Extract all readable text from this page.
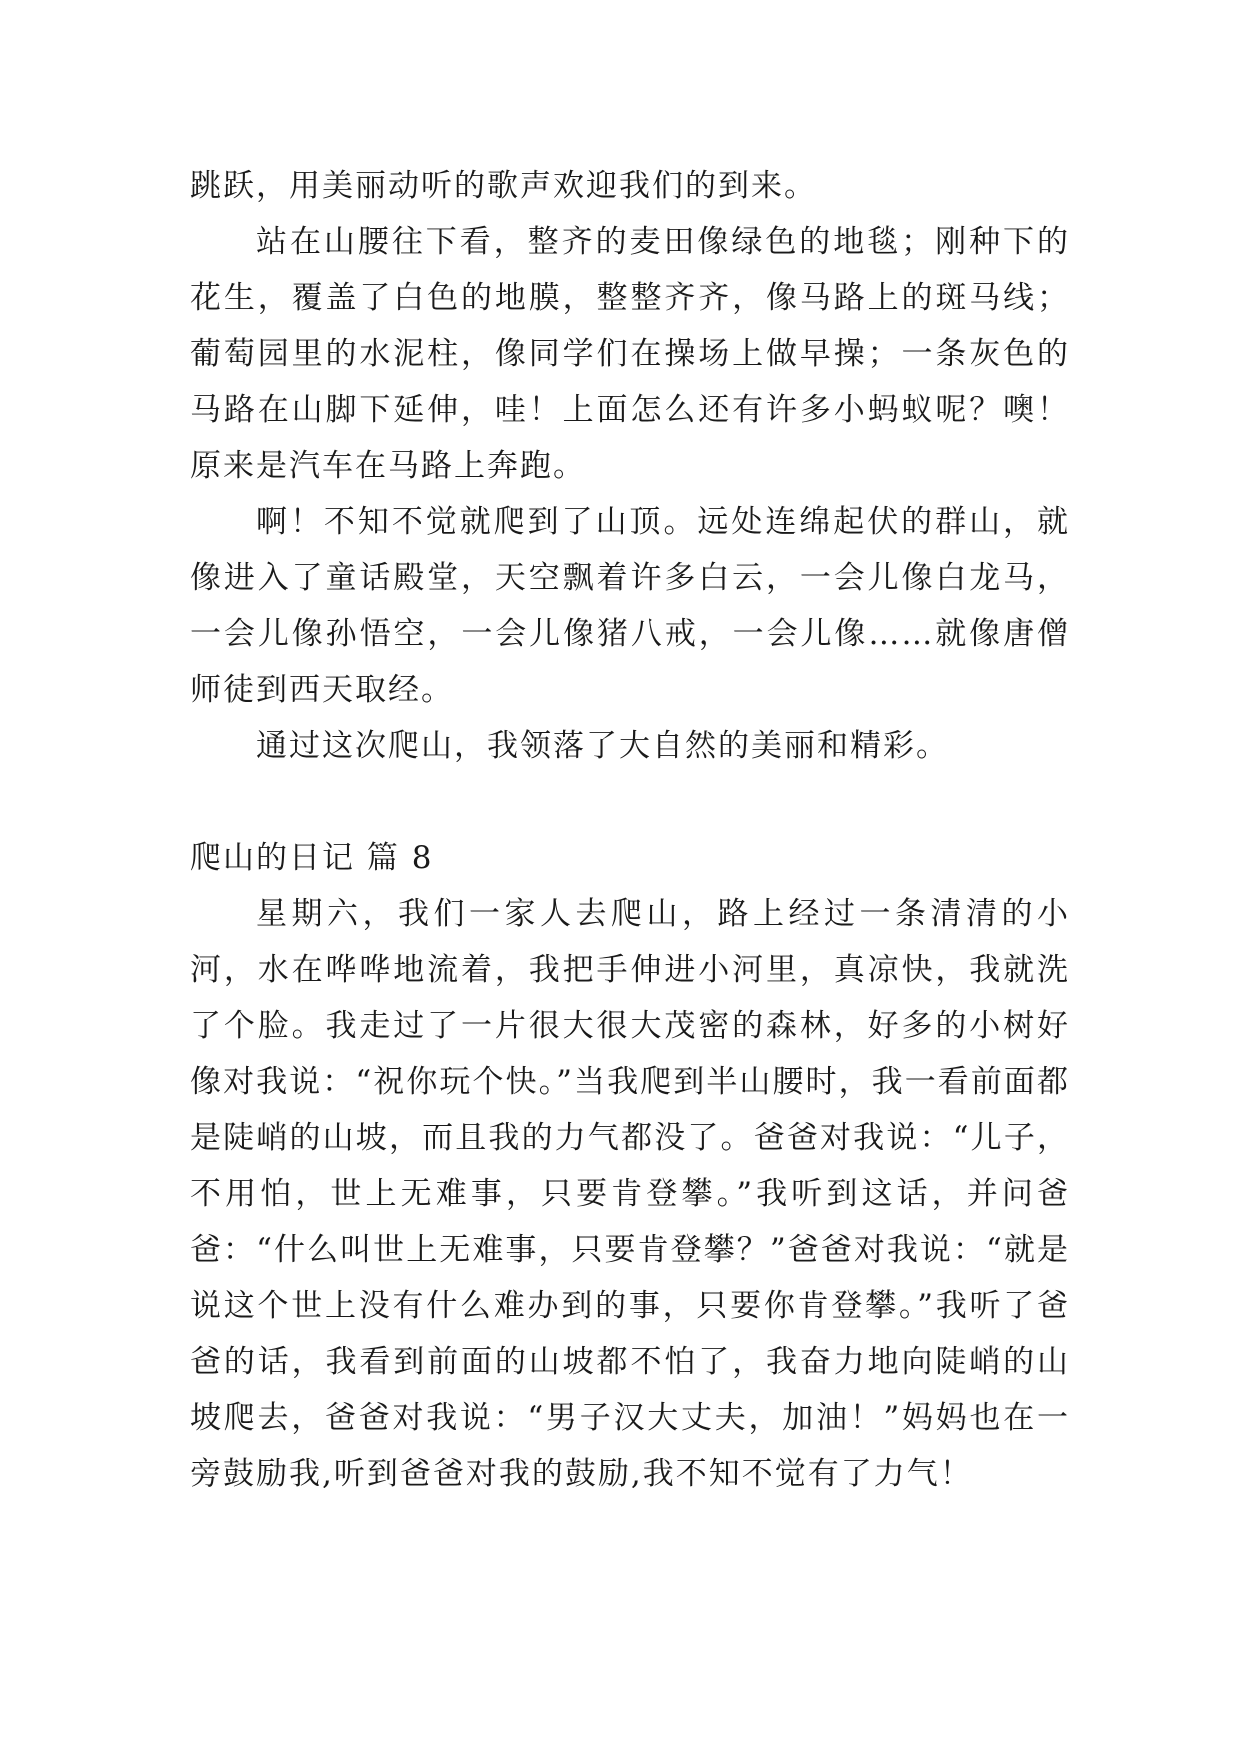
跳跃，用美丽动听的歌声欢迎我们的到来。

站在山腰往下看，整齐的麦田像绿色的地毯；刚种下的花生，覆盖了白色的地膜，整整齐齐，像马路上的斑马线；葡萄园里的水泥柱，像同学们在操场上做早操；一条灰色的马路在山脚下延伸，哇！上面怎么还有许多小蚂蚁呢？噢！原来是汽车在马路上奔跑。

啊！不知不觉就爬到了山顶。远处连绵起伏的群山，就像进入了童话殿堂，天空飘着许多白云，一会儿像白龙马，一会儿像孙悟空，一会儿像猪八戒，一会儿像……就像唐僧师徒到西天取经。

通过这次爬山，我领落了大自然的美丽和精彩。

爬山的日记 篇 8

星期六，我们一家人去爬山，路上经过一条清清的小河，水在哗哗地流着，我把手伸进小河里，真凉快，我就洗了个脸。我走过了一片很大很大茂密的森林，好多的小树好像对我说：“祝你玩个快。”当我爬到半山腰时，我一看前面都是陡峭的山坡，而且我的力气都没了。爸爸对我说：“儿子，不用怕，世上无难事，只要肯登攀。”我听到这话，并问爸爸：“什么叫世上无难事，只要肯登攀？”爸爸对我说：“就是说这个世上没有什么难办到的事，只要你肯登攀。”我听了爸爸的话，我看到前面的山坡都不怕了，我奋力地向陡峭的山坡爬去，爸爸对我说：“男子汉大丈夫，加油！”妈妈也在一旁鼓励我,听到爸爸对我的鼓励,我不知不觉有了力气！
